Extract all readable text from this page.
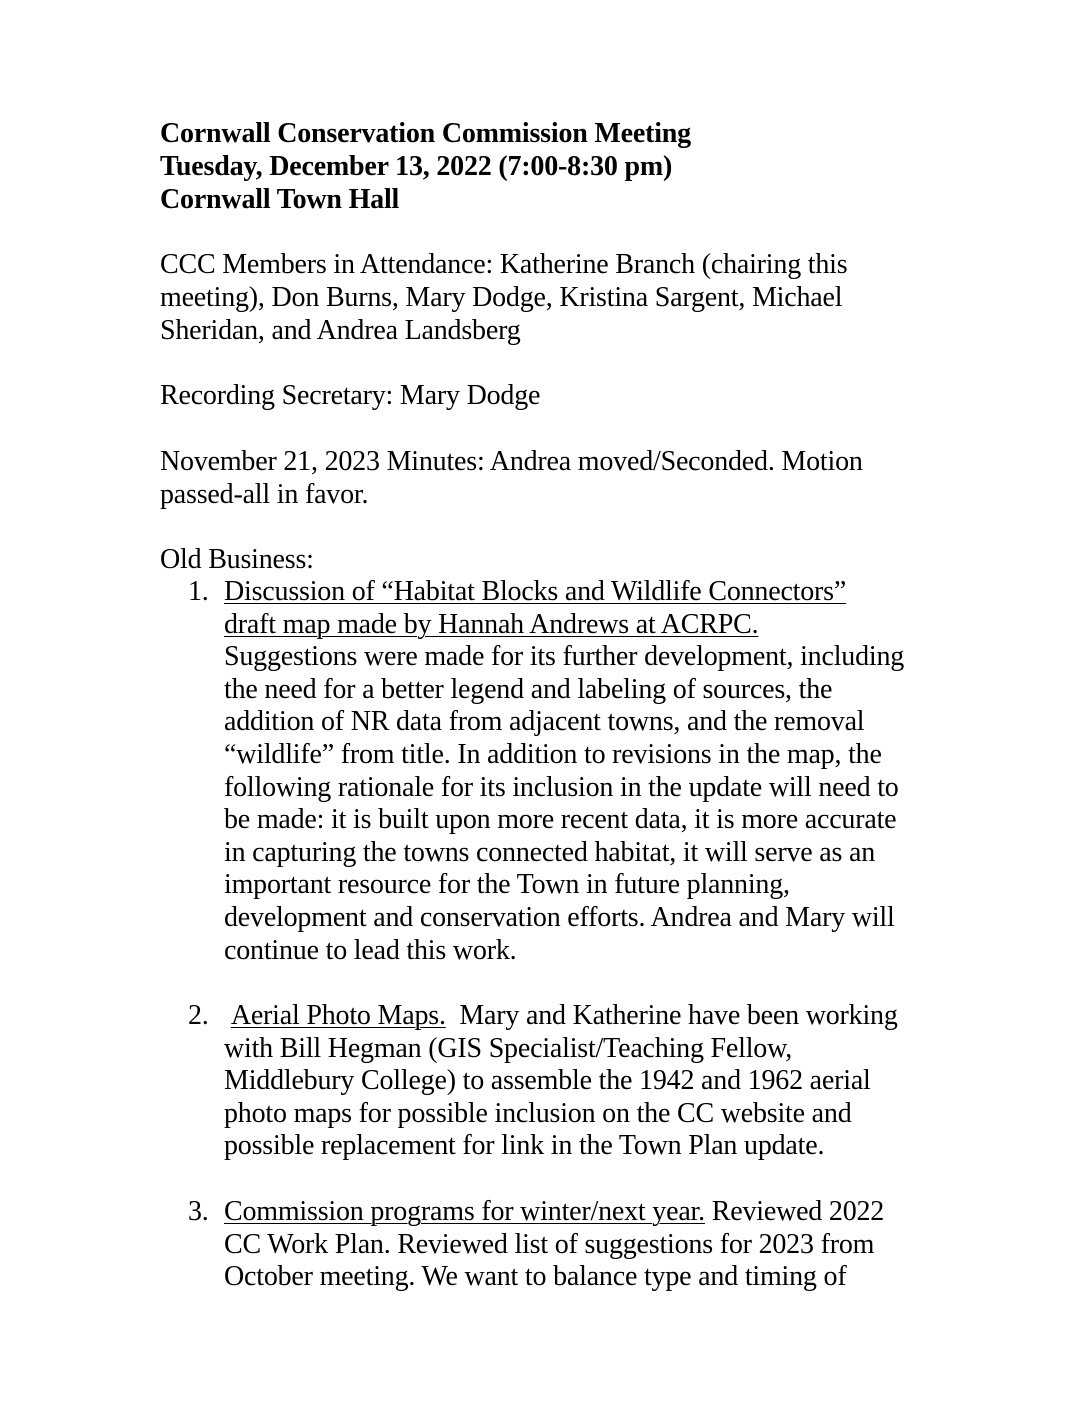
Cornwall Conservation Commission Meeting
Tuesday, December 13, 2022 (7:00-8:30 pm)
Cornwall Town Hall
CCC Members in Attendance: Katherine Branch (chairing this
meeting), Don Burns, Mary Dodge, Kristina Sargent, Michael
Sheridan, and Andrea Landsberg
Recording Secretary: Mary Dodge
November 21, 2023 Minutes: Andrea moved/Seconded. Motion
passed-all in favor.
Old Business:
1. Discussion of “Habitat Blocks and Wildlife Connectors”
draft map made by Hannah Andrews at ACRPC.
Suggestions were made for its further development, including
the need for a better legend and labeling of sources, the
addition of NR data from adjacent towns, and the removal
“wildlife” from title. In addition to revisions in the map, the
following rationale for its inclusion in the update will need to
be made: it is built upon more recent data, it is more accurate
in capturing the towns connected habitat, it will serve as an
important resource for the Town in future planning,
development and conservation efforts. Andrea and Mary will
continue to lead this work.
2. Aerial Photo Maps.  Mary and Katherine have been working
with Bill Hegman (GIS Specialist/Teaching Fellow,
Middlebury College) to assemble the 1942 and 1962 aerial
photo maps for possible inclusion on the CC website and
possible replacement for link in the Town Plan update.
3. Commission programs for winter/next year. Reviewed 2022
CC Work Plan. Reviewed list of suggestions for 2023 from
October meeting. We want to balance type and timing of
